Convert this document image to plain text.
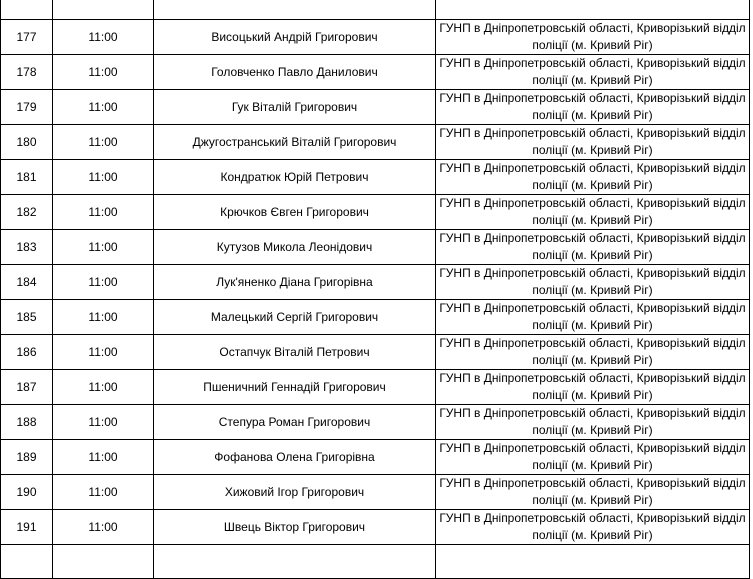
177	11:00	Висоцький Андрій Григорович	ГУНП в Дніпропетровській області, Криворізький відділ
поліції (м. Кривий Ріг)

178	11:00	Головченко Павло Данилович	ГУНП в Дніпропетровській області, Криворізький відділ
поліції (м. Кривий Ріг)

179	11:00	Гук Віталій Григорович	ГУНП в Дніпропетровській області, Криворізький відділ
поліції (м. Кривий Ріг)

180	11:00	Джугостранський Віталій Григорович	ГУНП в Дніпропетровській області, Криворізький відділ
поліції (м. Кривий Ріг)

181	11:00	Кондратюк Юрій Петрович	ГУНП в Дніпропетровській області, Криворізький відділ
поліції (м. Кривий Ріг)

182	11:00	Крючков Євген Григорович	ГУНП в Дніпропетровській області, Криворізький відділ
поліції (м. Кривий Ріг)

183	11:00	Кутузов Микола Леонідович	ГУНП в Дніпропетровській області, Криворізький відділ
поліції (м. Кривий Ріг)

184	11:00	Лук'яненко Діана Григорівна	ГУНП в Дніпропетровській області, Криворізький відділ
поліції (м. Кривий Ріг)

185	11:00	Малецький Сергій Григорович	ГУНП в Дніпропетровській області, Криворізький відділ
поліції (м. Кривий Ріг)

186	11:00	Остапчук Віталій Петрович	ГУНП в Дніпропетровській області, Криворізький відділ
поліції (м. Кривий Ріг)

187	11:00	Пшеничний Геннадій Григорович	ГУНП в Дніпропетровській області, Криворізький відділ
поліції (м. Кривий Ріг)

188	11:00	Степура Роман Григорович	ГУНП в Дніпропетровській області, Криворізький відділ
поліції (м. Кривий Ріг)

189	11:00	Фофанова Олена Григорівна	ГУНП в Дніпропетровській області, Криворізький відділ
поліції (м. Кривий Ріг)

190	11:00	Хижовий Ігор Григорович	ГУНП в Дніпропетровській області, Криворізький відділ
поліції (м. Кривий Ріг)

191	11:00	Швець Віктор Григорович	ГУНП в Дніпропетровській області, Криворізький відділ
поліції (м. Кривий Ріг)
